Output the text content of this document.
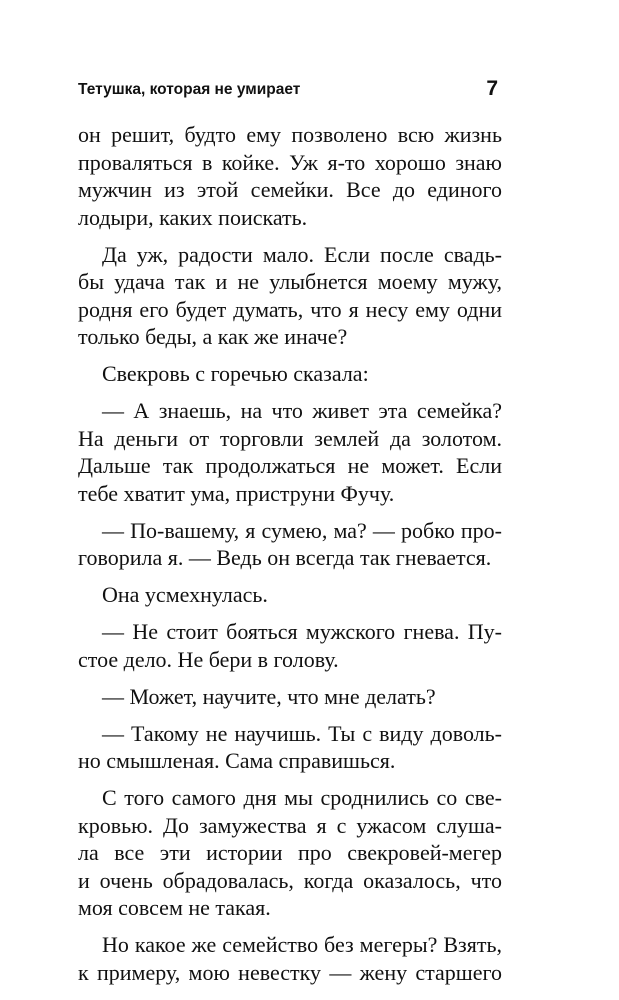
Тетушка, которая не умирает	7
он решит, будто ему позволено всю жизнь
проваляться в койке. Уж я-то хорошо знаю
мужчин из этой семейки. Все до единого
лодыри, каких поискать.
Да уж, радости мало. Если после свадь-
бы удача так и не улыбнется моему мужу,
родня его будет думать, что я несу ему одни
только беды, а как же иначе?
Свекровь с горечью сказала:
— А знаешь, на что живет эта семейка?
На деньги от торговли землей да золотом.
Дальше так продолжаться не может. Если
тебе хватит ума, приструни Фучу.
— По-вашему, я сумею, ма? — робко про-
говорила я. — Ведь он всегда так гневается.
Она усмехнулась.
— Не стоит бояться мужского гнева. Пу-
стое дело. Не бери в голову.
— Может, научите, что мне делать?
— Такому не научишь. Ты с виду доволь-
но смышленая. Сама справишься.
С того самого дня мы сроднились со све-
кровью. До замужества я с ужасом слуша-
ла все эти истории про свекровей-мегер
и очень обрадовалась, когда оказалось, что
моя совсем не такая.
Но какое же семейство без мегеры? Взять,
к примеру, мою невестку — жену старшего
